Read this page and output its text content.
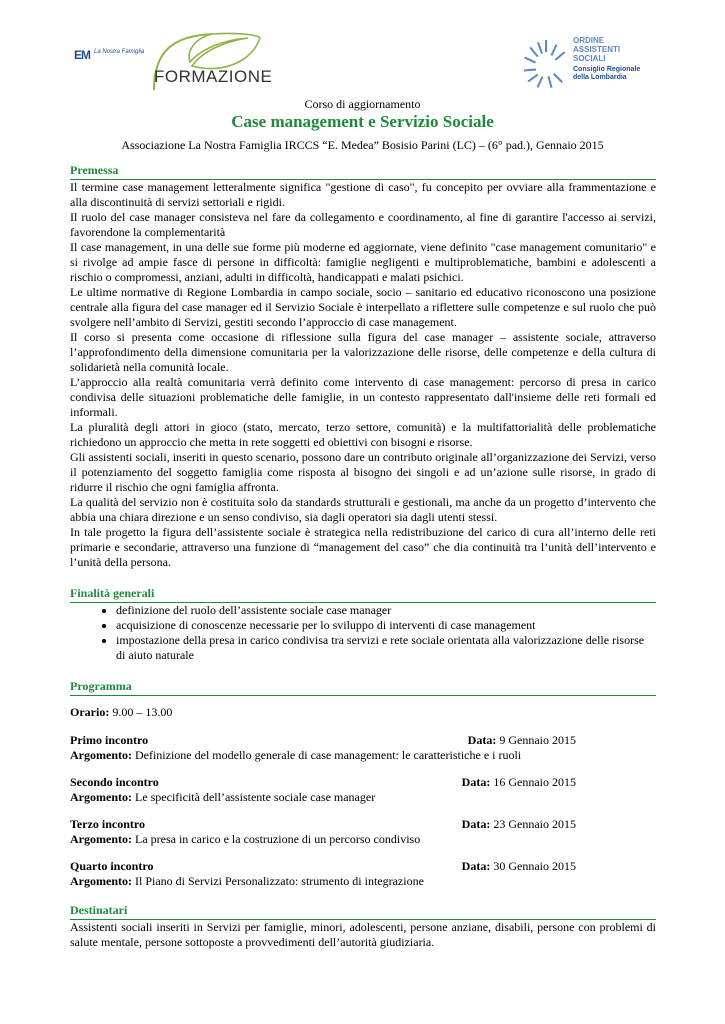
EM La Nostra Famiglia
FORMAZIONE
ORDINE
ASSISTENTI
SOCIALI
Consiglio Regionale
della Lombardia
Corso di aggiornamento
Case management e Servizio Sociale
Associazione La Nostra Famiglia IRCCS “E. Medea” Bosisio Parini (LC) – (6° pad.), Gennaio 2015
Premessa

Il termine case management letteralmente significa "gestione di caso", fu concepito per ovviare alla frammentazione e alla discontinuità di servizi settoriali e rigidi.

Il ruolo del case manager consisteva nel fare da collegamento e coordinamento, al fine di garantire l'accesso ai servizi, favorendone la complementarità

Il case management, in una delle sue forme più moderne ed aggiornate, viene definito "case management comunitario" e si rivolge ad ampie fasce di persone in difficoltà: famiglie negligenti e multiproblematiche, bambini e adolescenti a rischio o compromessi, anziani, adulti in difficoltà, handicappati e malati psichici.

Le ultime normative di Regione Lombardia in campo sociale, socio – sanitario ed educativo riconoscono una posizione centrale alla figura del case manager ed il Servizio Sociale è interpellato a riflettere sulle competenze e sul ruolo che può svolgere nell’ambito di Servizi, gestiti secondo l’approccio di case management.

Il corso si presenta come occasione di riflessione sulla figura del case manager – assistente sociale, attraverso l’approfondimento della dimensione comunitaria per la valorizzazione delle risorse, delle competenze e della cultura di solidarietà nella comunità locale.

L’approccio alla realtà comunitaria verrà definito come intervento di case management: percorso di presa in carico condivisa delle situazioni problematiche delle famiglie, in un contesto rappresentato dall'insieme delle reti formali ed informali.

La pluralità degli attori in gioco (stato, mercato, terzo settore, comunità) e la multifattorialità delle problematiche richiedono un approccio che metta in rete soggetti ed obiettivi con bisogni e risorse.

Gli assistenti sociali, inseriti in questo scenario, possono dare un contributo originale all’organizzazione dei Servizi, verso il potenziamento del soggetto famiglia come risposta al bisogno dei singoli e ad un’azione sulle risorse, in grado di ridurre il rischio che ogni famiglia affronta.

La qualità del servizio non è costituita solo da standards strutturali e gestionali, ma anche da un progetto d’intervento che abbia una chiara direzione e un senso condiviso, sia dagli operatori sia dagli utenti stessi.

In tale progetto la figura dell’assistente sociale è strategica nella redistribuzione del carico di cura all’interno delle reti primarie e secondarie, attraverso una funzione di “management del caso” che dia continuità tra l’unità dell’intervento e l’unità della persona.

Finalità generali
• definizione del ruolo dell’assistente sociale case manager
• acquisizione di conoscenze necessarie per lo sviluppo di interventi di case management
• impostazione della presa in carico condivisa tra servizi e rete sociale orientata alla valorizzazione delle risorse di aiuto naturale
Programma
Orario: 9.00 – 13.00
Primo incontro	Data: 9 Gennaio 2015
Argomento: Definizione del modello generale di case management: le caratteristiche e i ruoli
Secondo incontro	Data: 16 Gennaio 2015
Argomento: Le specificità dell’assistente sociale case manager
Terzo incontro	Data: 23 Gennaio 2015
Argomento: La presa in carico e la costruzione di un percorso condiviso
Quarto incontro	Data: 30 Gennaio 2015
Argomento: Il Piano di Servizi Personalizzato: strumento di integrazione
Destinatari

Assistenti sociali inseriti in Servizi per famiglie, minori, adolescenti, persone anziane, disabili, persone con problemi di salute mentale, persone sottoposte a provvedimenti dell’autorità giudiziaria.
